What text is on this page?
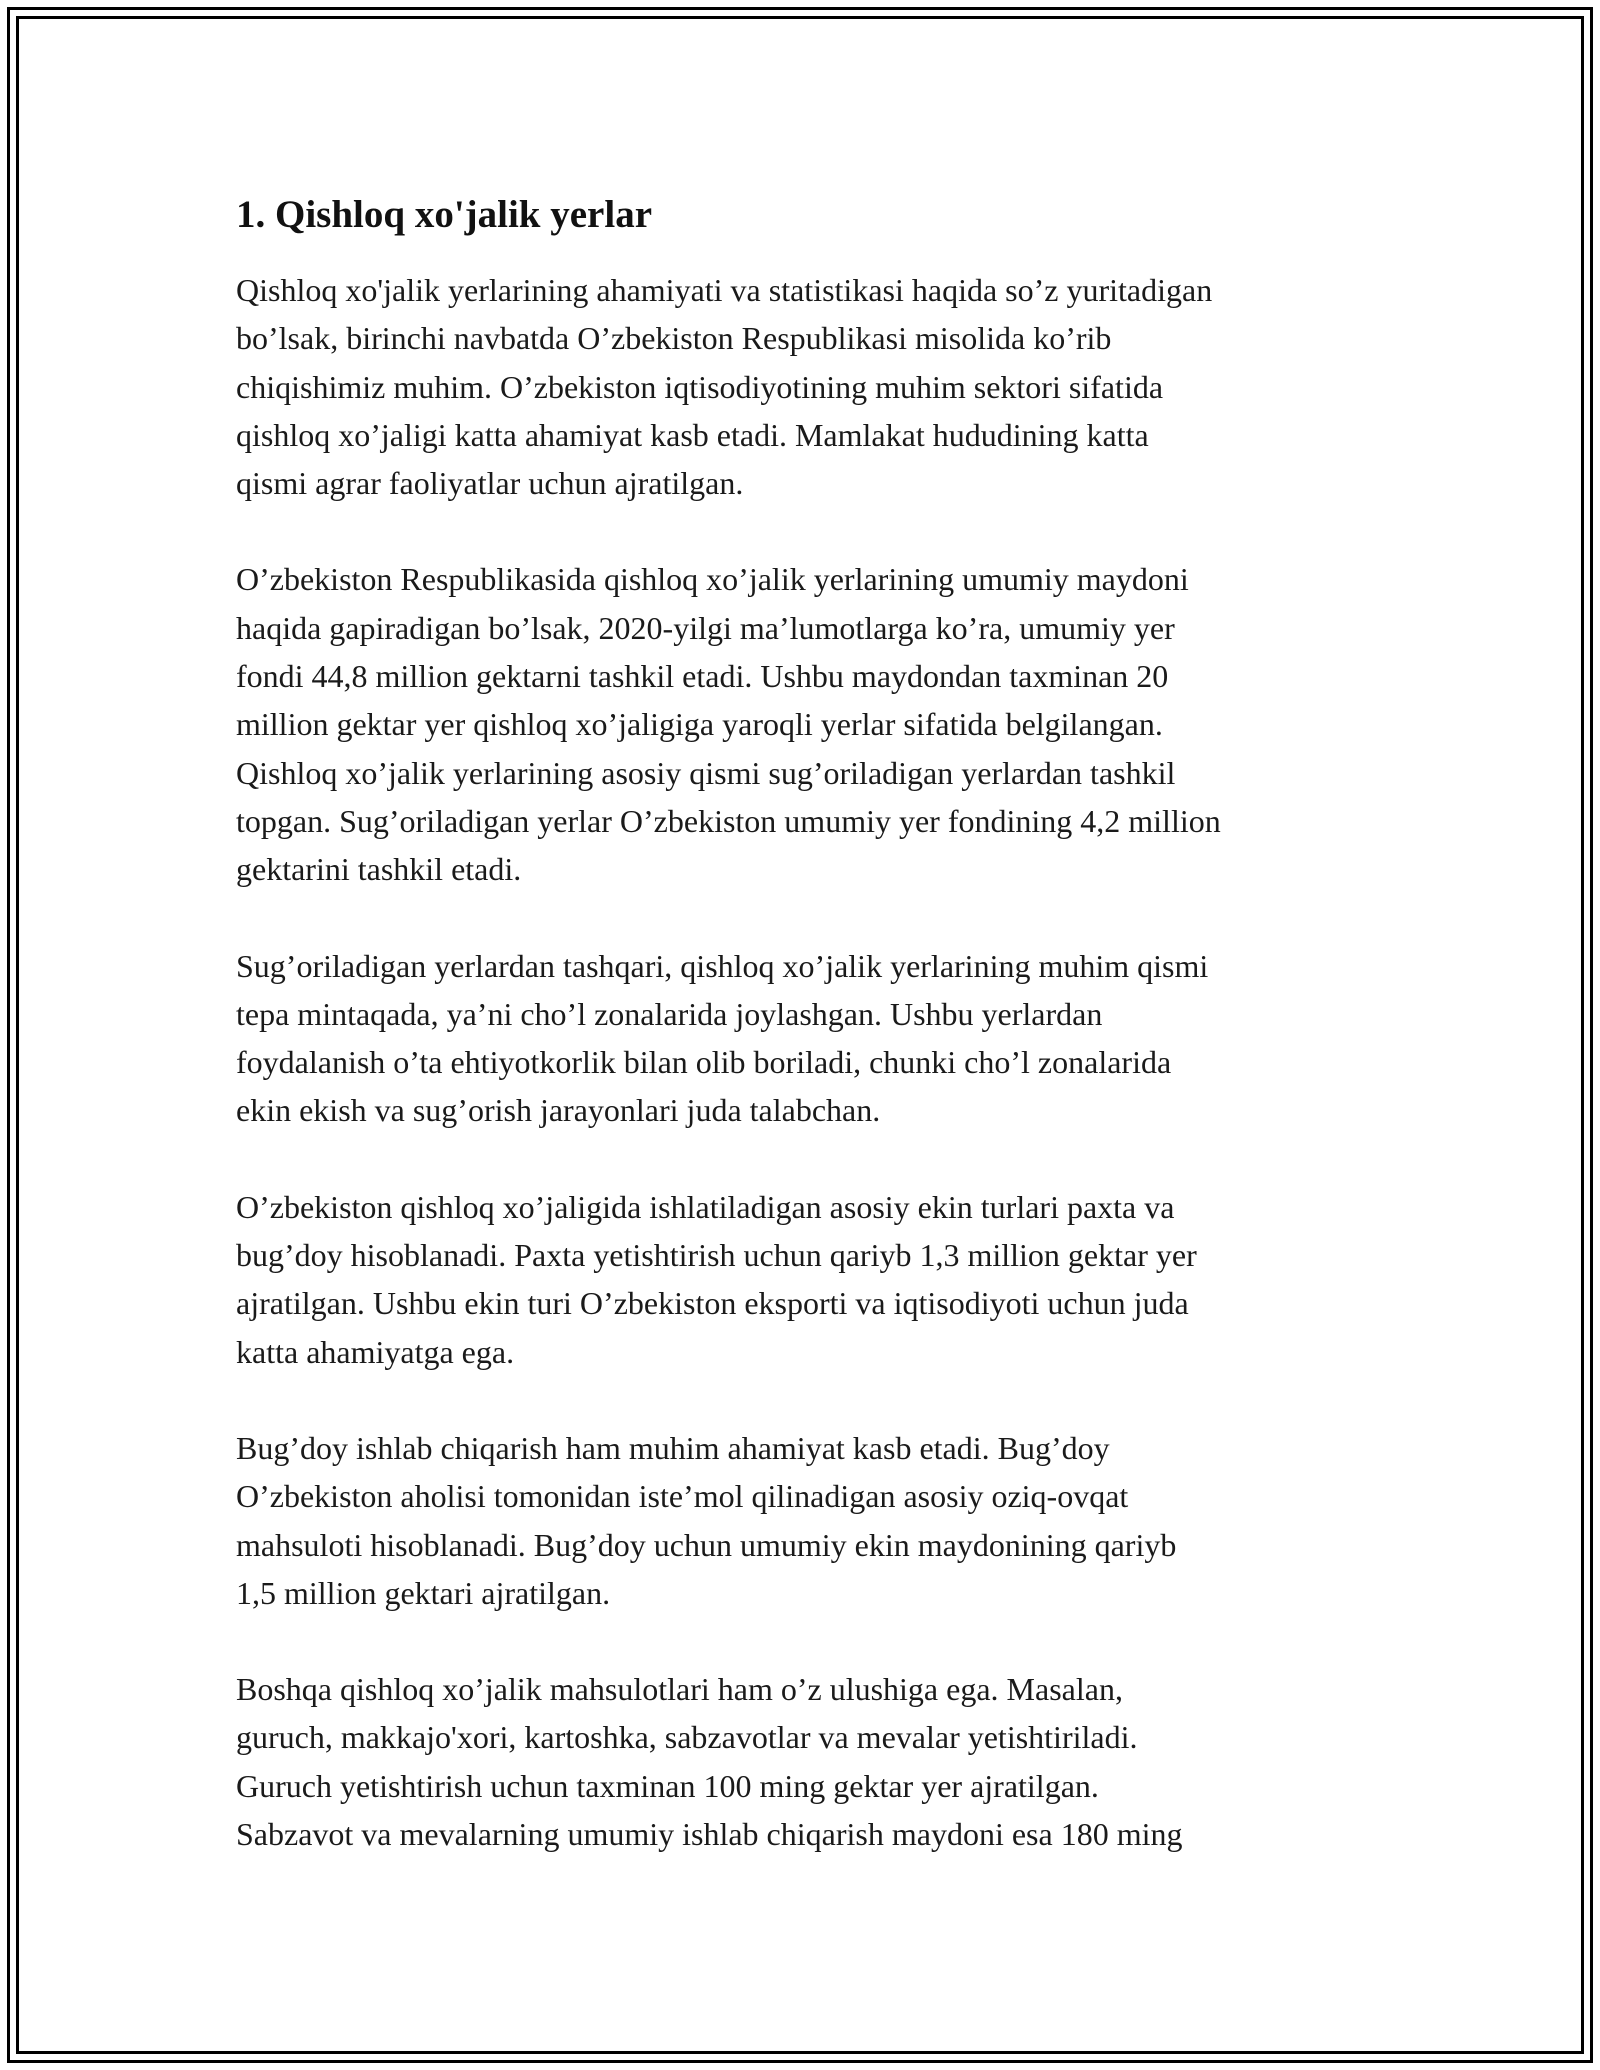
1. Qishloq xo'jalik yerlar

Qishloq xo'jalik yerlarining ahamiyati va statistikasi haqida so’z yuritadigan
bo’lsak, birinchi navbatda O’zbekiston Respublikasi misolida ko’rib
chiqishimiz muhim. O’zbekiston iqtisodiyotining muhim sektori sifatida
qishloq xo’jaligi katta ahamiyat kasb etadi. Mamlakat hududining katta
qismi agrar faoliyatlar uchun ajratilgan.

O’zbekiston Respublikasida qishloq xo’jalik yerlarining umumiy maydoni
haqida gapiradigan bo’lsak, 2020-yilgi ma’lumotlarga ko’ra, umumiy yer
fondi 44,8 million gektarni tashkil etadi. Ushbu maydondan taxminan 20
million gektar yer qishloq xo’jaligiga yaroqli yerlar sifatida belgilangan.
Qishloq xo’jalik yerlarining asosiy qismi sug’oriladigan yerlardan tashkil
topgan. Sug’oriladigan yerlar O’zbekiston umumiy yer fondining 4,2 million
gektarini tashkil etadi.

Sug’oriladigan yerlardan tashqari, qishloq xo’jalik yerlarining muhim qismi
tepa mintaqada, ya’ni cho’l zonalarida joylashgan. Ushbu yerlardan
foydalanish o’ta ehtiyotkorlik bilan olib boriladi, chunki cho’l zonalarida
ekin ekish va sug’orish jarayonlari juda talabchan.

O’zbekiston qishloq xo’jaligida ishlatiladigan asosiy ekin turlari paxta va
bug’doy hisoblanadi. Paxta yetishtirish uchun qariyb 1,3 million gektar yer
ajratilgan. Ushbu ekin turi O’zbekiston eksporti va iqtisodiyoti uchun juda
katta ahamiyatga ega.

Bug’doy ishlab chiqarish ham muhim ahamiyat kasb etadi. Bug’doy
O’zbekiston aholisi tomonidan iste’mol qilinadigan asosiy oziq-ovqat
mahsuloti hisoblanadi. Bug’doy uchun umumiy ekin maydonining qariyb
1,5 million gektari ajratilgan.

Boshqa qishloq xo’jalik mahsulotlari ham o’z ulushiga ega. Masalan,
guruch, makkajo'xori, kartoshka, sabzavotlar va mevalar yetishtiriladi.
Guruch yetishtirish uchun taxminan 100 ming gektar yer ajratilgan.
Sabzavot va mevalarning umumiy ishlab chiqarish maydoni esa 180 ming
